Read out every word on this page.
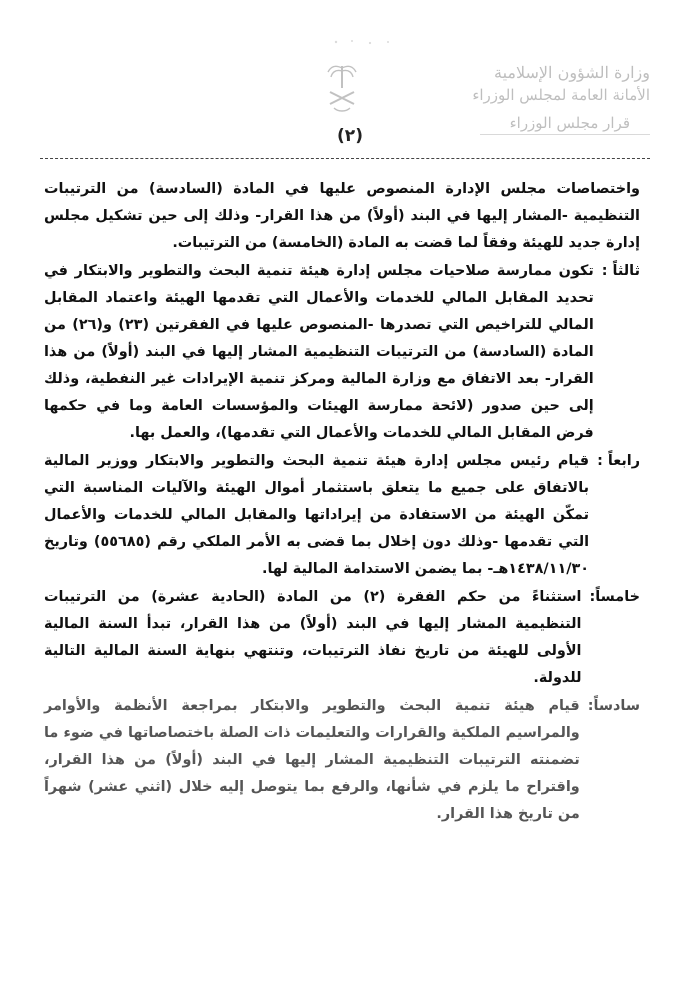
وزارة الشؤون الإسلامية
الأمانة العامة لمجلس الوزراء
قرار مجلس الوزراء
(٢)

واختصاصات مجلس الإدارة المنصوص عليها في المادة (السادسة) من الترتيبات التنظيمية -المشار إليها في البند (أولاً) من هذا القرار- وذلك إلى حين تشكيل مجلس إدارة جديد للهيئة وفقاً لما قضت به المادة (الخامسة) من الترتيبات.

ثالثاً :
تكون ممارسة صلاحيات مجلس إدارة هيئة تنمية البحث والتطوير والابتكار في تحديد المقابل المالي للخدمات والأعمال التي تقدمها الهيئة واعتماد المقابل المالي للتراخيص التي تصدرها -المنصوص عليها في الفقرتين (٢٣) و(٢٦) من المادة (السادسة) من الترتيبات التنظيمية المشار إليها في البند (أولاً) من هذا القرار- بعد الاتفاق مع وزارة المالية ومركز تنمية الإيرادات غير النفطية، وذلك إلى حين صدور (لائحة ممارسة الهيئات والمؤسسات العامة وما في حكمها فرض المقابل المالي للخدمات والأعمال التي تقدمها)، والعمل بها.
رابعاً :
قيام رئيس مجلس إدارة هيئة تنمية البحث والتطوير والابتكار ووزير المالية بالاتفاق على جميع ما يتعلق باستثمار أموال الهيئة والآليات المناسبة التي تمكّن الهيئة من الاستفادة من إيراداتها والمقابل المالي للخدمات والأعمال التي تقدمها -وذلك دون إخلال بما قضى به الأمر الملكي رقم (٥٥٦٨٥) وتاريخ ١٤٣٨/١١/٣٠هـ- بما يضمن الاستدامة المالية لها.
خامساً:
استثناءً من حكم الفقرة (٢) من المادة (الحادية عشرة) من الترتيبات التنظيمية المشار إليها في البند (أولاً) من هذا القرار، تبدأ السنة المالية الأولى للهيئة من تاريخ نفاذ الترتيبات، وتنتهي بنهاية السنة المالية التالية للدولة.
سادساً:
قيام هيئة تنمية البحث والتطوير والابتكار بمراجعة الأنظمة والأوامر والمراسيم الملكية والقرارات والتعليمات ذات الصلة باختصاصاتها في ضوء ما تضمنته الترتيبات التنظيمية المشار إليها في البند (أولاً) من هذا القرار، واقتراح ما يلزم في شأنها، والرفع بما يتوصل إليه خلال (اثني عشر) شهراً من تاريخ هذا القرار.
